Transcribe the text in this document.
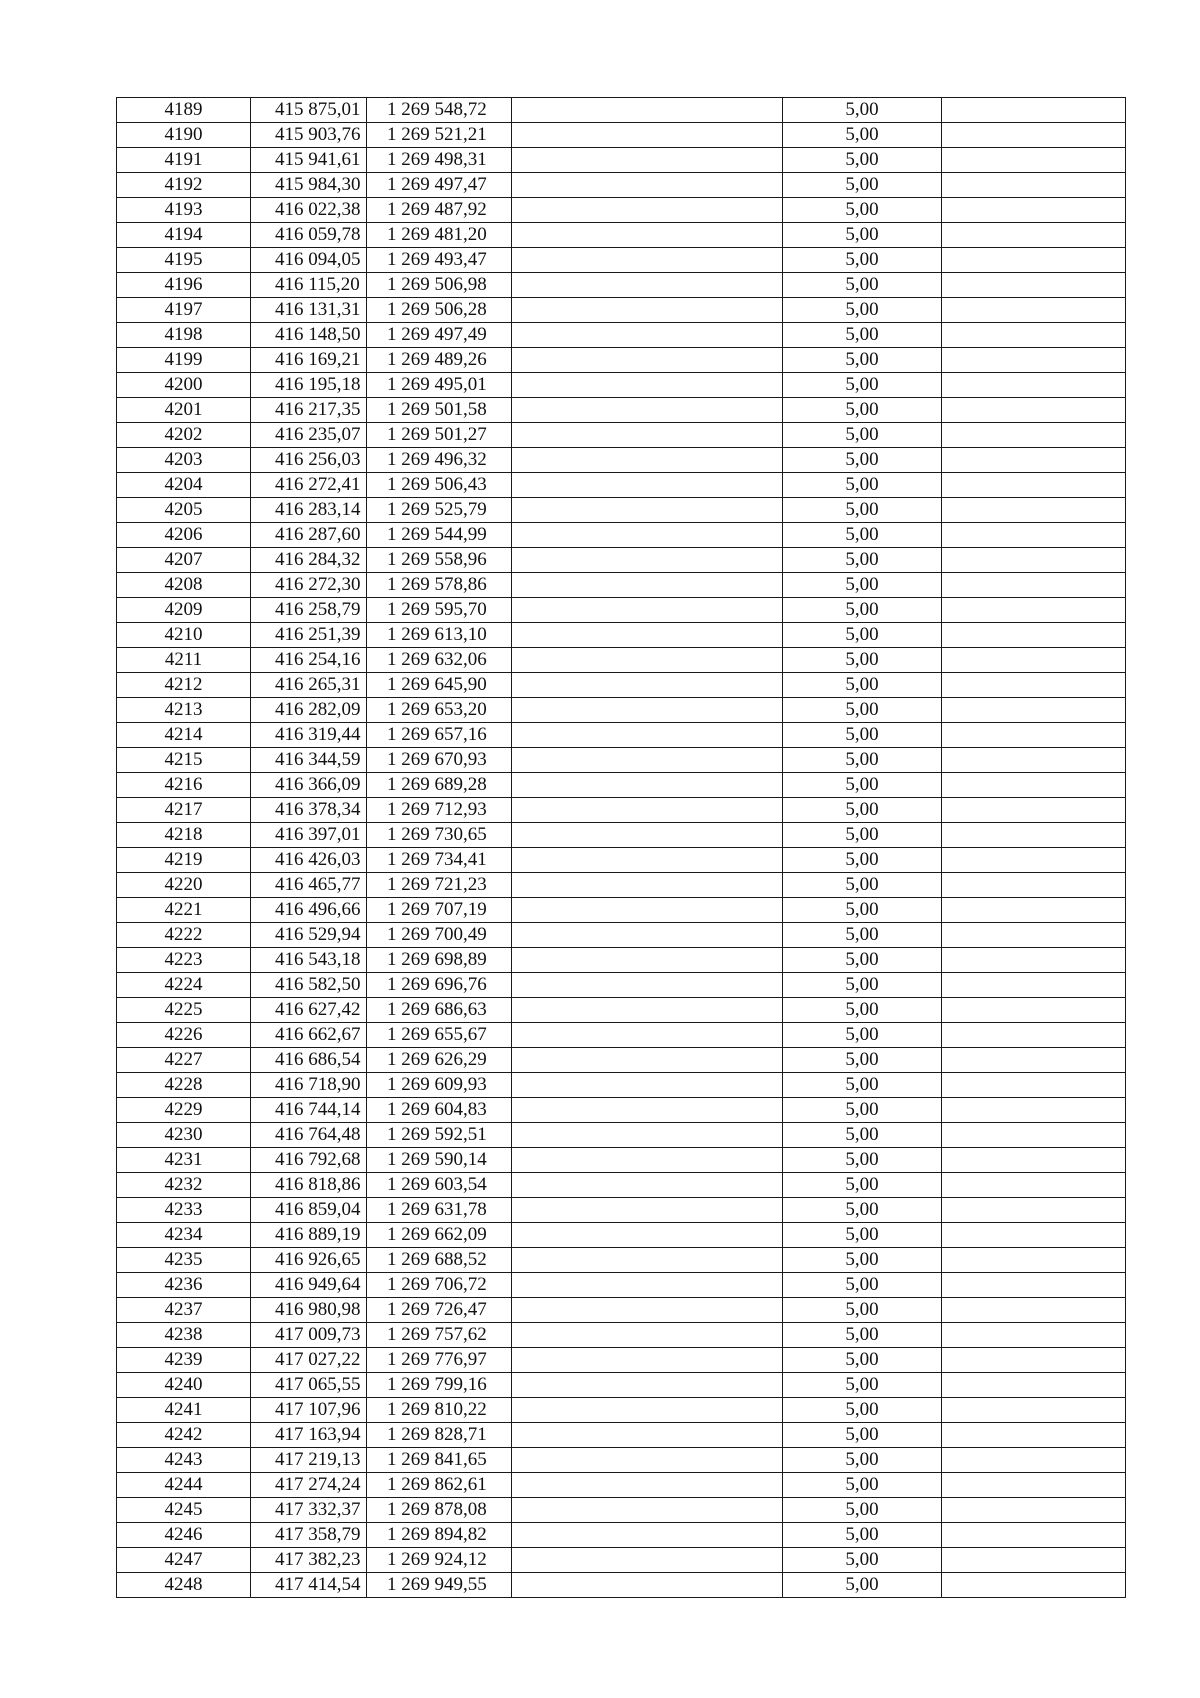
4189	415 875,01	1 269 548,72		5,00	
4190	415 903,76	1 269 521,21		5,00	
4191	415 941,61	1 269 498,31		5,00	
4192	415 984,30	1 269 497,47		5,00	
4193	416 022,38	1 269 487,92		5,00	
4194	416 059,78	1 269 481,20		5,00	
4195	416 094,05	1 269 493,47		5,00	
4196	416 115,20	1 269 506,98		5,00	
4197	416 131,31	1 269 506,28		5,00	
4198	416 148,50	1 269 497,49		5,00	
4199	416 169,21	1 269 489,26		5,00	
4200	416 195,18	1 269 495,01		5,00	
4201	416 217,35	1 269 501,58		5,00	
4202	416 235,07	1 269 501,27		5,00	
4203	416 256,03	1 269 496,32		5,00	
4204	416 272,41	1 269 506,43		5,00	
4205	416 283,14	1 269 525,79		5,00	
4206	416 287,60	1 269 544,99		5,00	
4207	416 284,32	1 269 558,96		5,00	
4208	416 272,30	1 269 578,86		5,00	
4209	416 258,79	1 269 595,70		5,00	
4210	416 251,39	1 269 613,10		5,00	
4211	416 254,16	1 269 632,06		5,00	
4212	416 265,31	1 269 645,90		5,00	
4213	416 282,09	1 269 653,20		5,00	
4214	416 319,44	1 269 657,16		5,00	
4215	416 344,59	1 269 670,93		5,00	
4216	416 366,09	1 269 689,28		5,00	
4217	416 378,34	1 269 712,93		5,00	
4218	416 397,01	1 269 730,65		5,00	
4219	416 426,03	1 269 734,41		5,00	
4220	416 465,77	1 269 721,23		5,00	
4221	416 496,66	1 269 707,19		5,00	
4222	416 529,94	1 269 700,49		5,00	
4223	416 543,18	1 269 698,89		5,00	
4224	416 582,50	1 269 696,76		5,00	
4225	416 627,42	1 269 686,63		5,00	
4226	416 662,67	1 269 655,67		5,00	
4227	416 686,54	1 269 626,29		5,00	
4228	416 718,90	1 269 609,93		5,00	
4229	416 744,14	1 269 604,83		5,00	
4230	416 764,48	1 269 592,51		5,00	
4231	416 792,68	1 269 590,14		5,00	
4232	416 818,86	1 269 603,54		5,00	
4233	416 859,04	1 269 631,78		5,00	
4234	416 889,19	1 269 662,09		5,00	
4235	416 926,65	1 269 688,52		5,00	
4236	416 949,64	1 269 706,72		5,00	
4237	416 980,98	1 269 726,47		5,00	
4238	417 009,73	1 269 757,62		5,00	
4239	417 027,22	1 269 776,97		5,00	
4240	417 065,55	1 269 799,16		5,00	
4241	417 107,96	1 269 810,22		5,00	
4242	417 163,94	1 269 828,71		5,00	
4243	417 219,13	1 269 841,65		5,00	
4244	417 274,24	1 269 862,61		5,00	
4245	417 332,37	1 269 878,08		5,00	
4246	417 358,79	1 269 894,82		5,00	
4247	417 382,23	1 269 924,12		5,00	
4248	417 414,54	1 269 949,55		5,00	
